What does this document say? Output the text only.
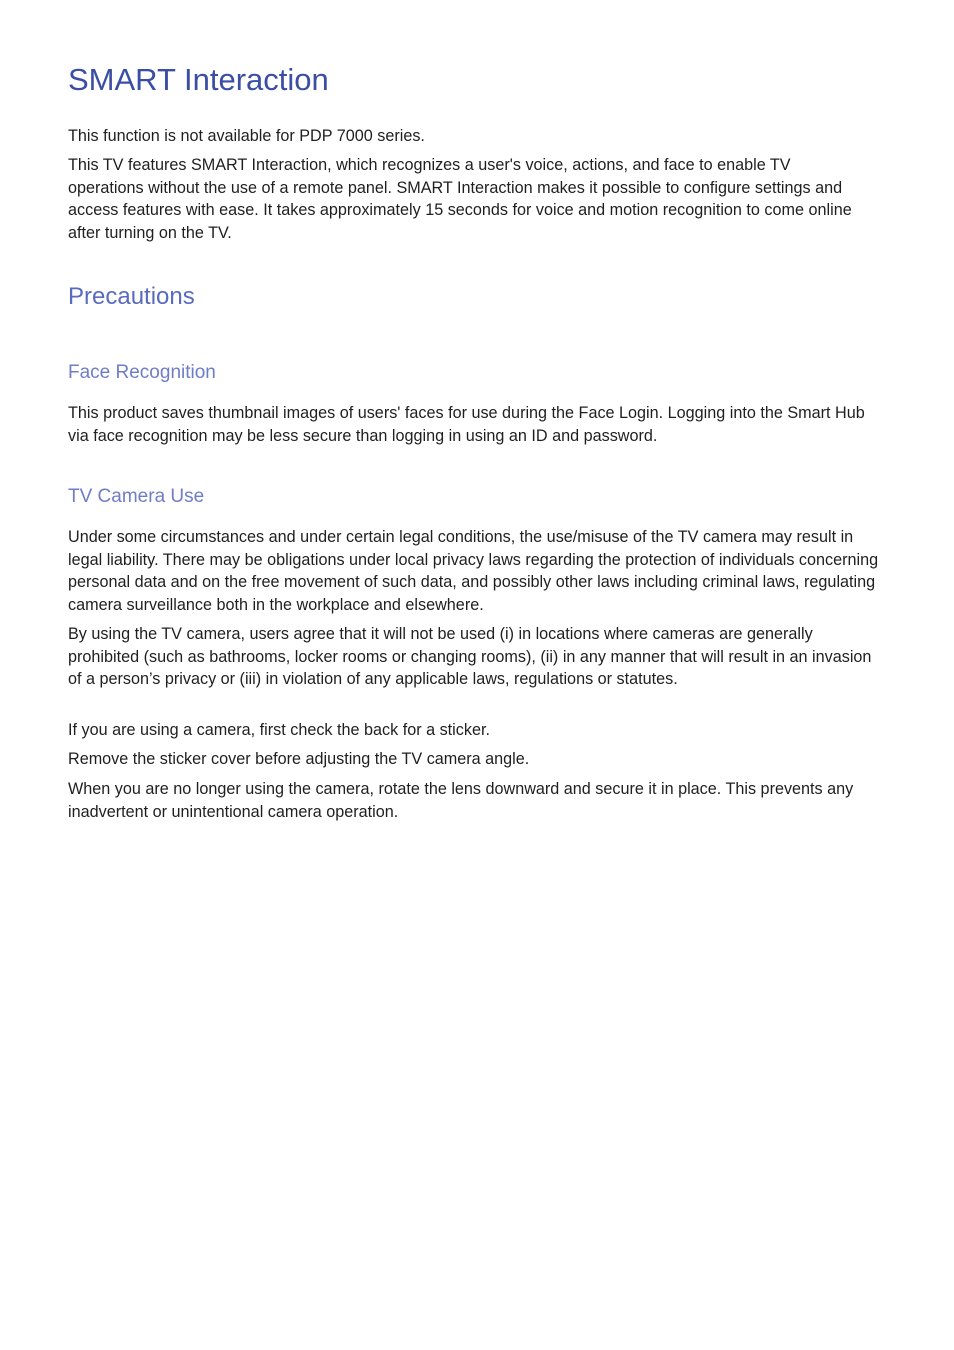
SMART Interaction

This function is not available for PDP 7000 series.

This TV features SMART Interaction, which recognizes a user's voice, actions, and face to enable TV operations without the use of a remote panel. SMART Interaction makes it possible to configure settings and access features with ease. It takes approximately 15 seconds for voice and motion recognition to come online after turning on the TV.

Precautions
Face Recognition

This product saves thumbnail images of users' faces for use during the Face Login. Logging into the Smart Hub via face recognition may be less secure than logging in using an ID and password.

TV Camera Use

Under some circumstances and under certain legal conditions, the use/misuse of the TV camera may result in legal liability. There may be obligations under local privacy laws regarding the protection of individuals concerning personal data and on the free movement of such data, and possibly other laws including criminal laws, regulating camera surveillance both in the workplace and elsewhere.

By using the TV camera, users agree that it will not be used (i) in locations where cameras are generally prohibited (such as bathrooms, locker rooms or changing rooms), (ii) in any manner that will result in an invasion of a person’s privacy or (iii) in violation of any applicable laws, regulations or statutes.

If you are using a camera, first check the back for a sticker.

Remove the sticker cover before adjusting the TV camera angle.

When you are no longer using the camera, rotate the lens downward and secure it in place. This prevents any inadvertent or unintentional camera operation.
